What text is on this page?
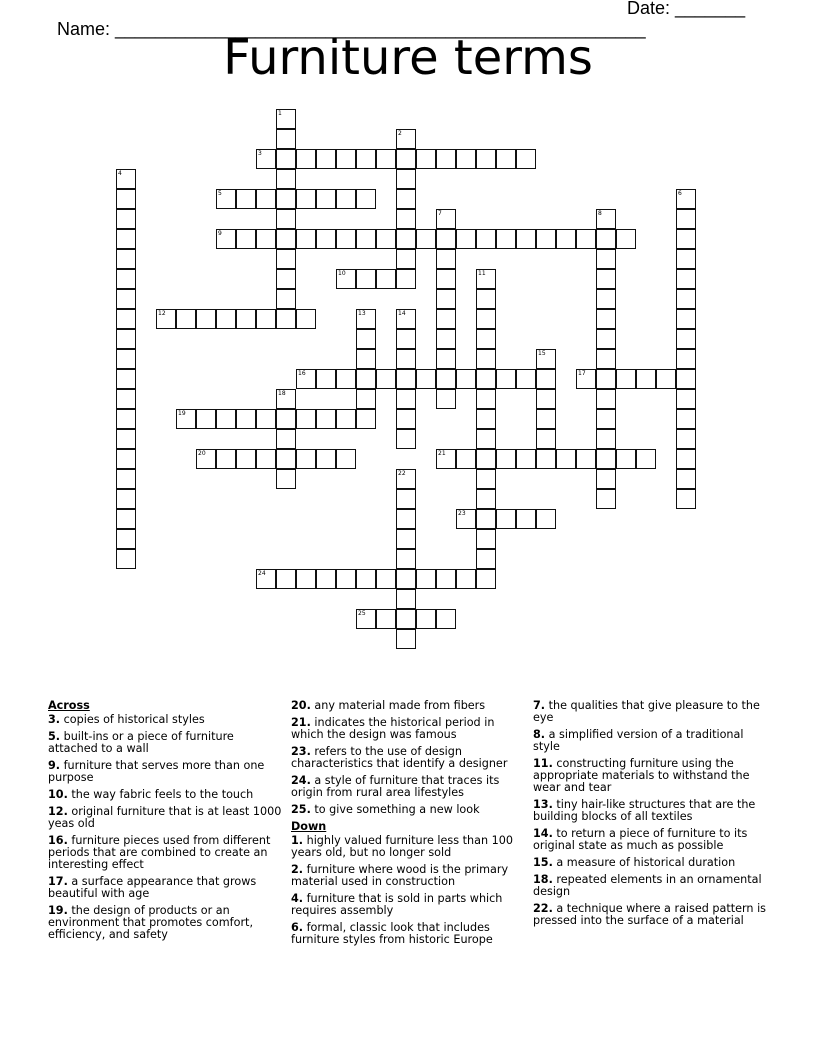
Name: _____________________________________________________

Date: _______

Furniture terms
1
2
3
4
5	6
7	8
9
10	11
12	13	14
15
16	17
18
19
20	21
22
23
24
25
Across
3. copies of historical styles
5. built-ins or a piece of furniture attached to a wall
9. furniture that serves more than one purpose
10. the way fabric feels to the touch
12. original furniture that is at least 1000 yeas old
16. furniture pieces used from different periods that are combined to create an interesting effect
17. a surface appearance that grows beautiful with age
19. the design of products or an environment that promotes comfort, efficiency, and safety
20. any material made from fibers
21. indicates the historical period in which the design was famous
23. refers to the use of design characteristics that identify a designer
24. a style of furniture that traces its origin from rural area lifestyles
25. to give something a new look
Down
1. highly valued furniture less than 100 years old, but no longer sold
2. furniture where wood is the primary material used in construction
4. furniture that is sold in parts which requires assembly
6. formal, classic look that includes furniture styles from historic Europe
7. the qualities that give pleasure to the eye
8. a simplified version of a traditional style
11. constructing furniture using the appropriate materials to withstand the wear and tear
13. tiny hair-like structures that are the building blocks of all textiles
14. to return a piece of furniture to its original state as much as possible
15. a measure of historical duration
18. repeated elements in an ornamental design
22. a technique where a raised pattern is pressed into the surface of a material
